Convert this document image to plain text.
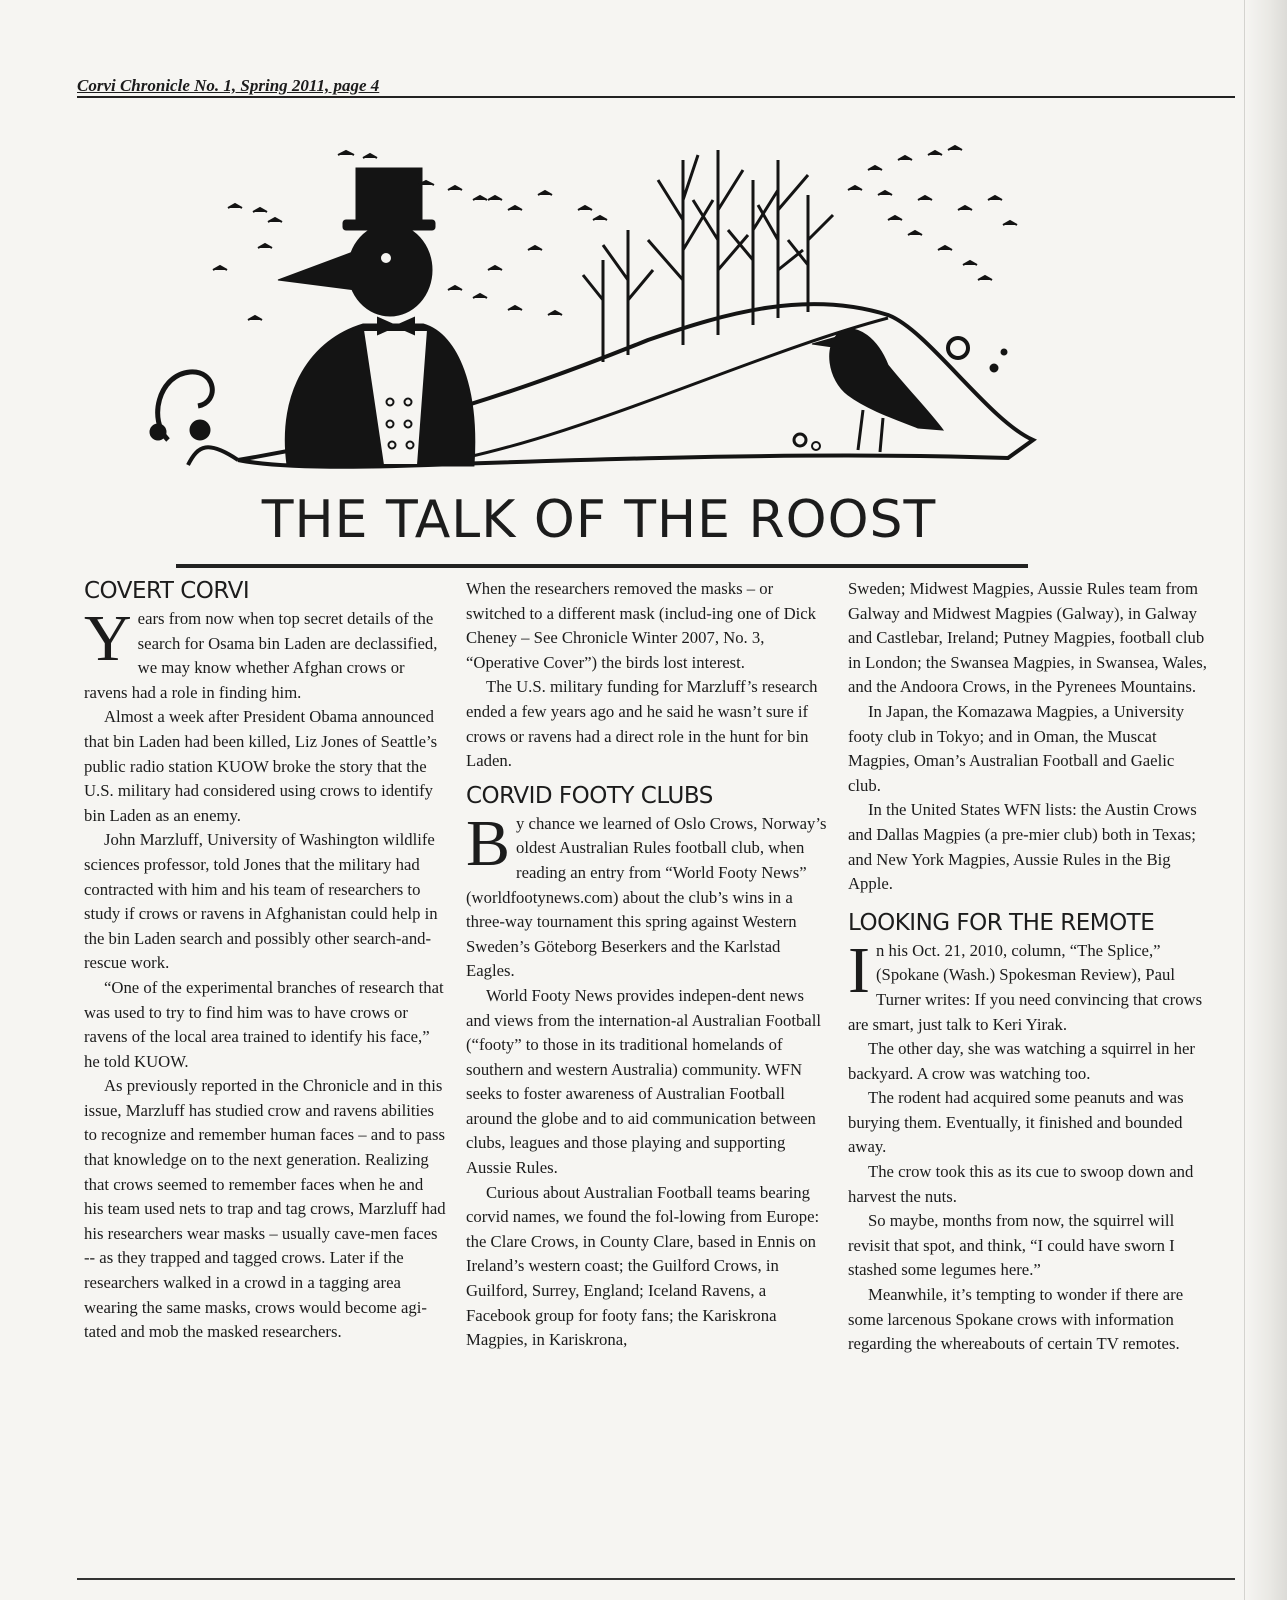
Corvi Chronicle No. 1, Spring 2011, page 4
THE TALK OF THE ROOST
COVERT CORVI

Years from now when top secret details of the search for Osama bin Laden are declassified, we may know whether Afghan crows or ravens had a role in finding him.

Almost a week after President Obama announced that bin Laden had been killed, Liz Jones of Seattle’s public radio station KUOW broke the story that the U.S. military had considered using crows to identify bin Laden as an enemy.

John Marzluff, University of Washington wildlife sciences professor, told Jones that the military had contracted with him and his team of researchers to study if crows or ravens in Afghanistan could help in the bin Laden search and possibly other search-and-rescue work.

“One of the experimental branches of research that was used to try to find him was to have crows or ravens of the local area trained to identify his face,” he told KUOW.

As previously reported in the Chronicle and in this issue, Marzluff has studied crow and ravens abilities to recognize and remember human faces – and to pass that knowledge on to the next generation. Realizing that crows seemed to remember faces when he and his team used nets to trap and tag crows, Marzluff had his researchers wear masks – usually cave-men faces -- as they trapped and tagged crows. Later if the researchers walked in a crowd in a tagging area wearing the same masks, crows would become agi-tated and mob the masked researchers.

When the researchers removed the masks – or switched to a different mask (includ-ing one of Dick Cheney – See Chronicle Winter 2007, No. 3, “Operative Cover”) the birds lost interest.

The U.S. military funding for Marzluff’s research ended a few years ago and he said he wasn’t sure if crows or ravens had a direct role in the hunt for bin Laden.

CORVID FOOTY CLUBS

By chance we learned of Oslo Crows, Norway’s oldest Australian Rules football club, when reading an entry from “World Footy News” (worldfootynews.com) about the club’s wins in a three-way tournament this spring against Western Sweden’s Göteborg Beserkers and the Karlstad Eagles.

World Footy News provides indepen-dent news and views from the internation-al Australian Football (“footy” to those in its traditional homelands of southern and western Australia) community. WFN seeks to foster awareness of Australian Football around the globe and to aid communication between clubs, leagues and those playing and supporting Aussie Rules.

Curious about Australian Football teams bearing corvid names, we found the fol-lowing from Europe: the Clare Crows, in County Clare, based in Ennis on Ireland’s western coast; the Guilford Crows, in Guilford, Surrey, England; Iceland Ravens, a Facebook group for footy fans; the Kariskrona Magpies, in Kariskrona,

Sweden; Midwest Magpies, Aussie Rules team from Galway and Midwest Magpies (Galway), in Galway and Castlebar, Ireland; Putney Magpies, football club in London; the Swansea Magpies, in Swansea, Wales, and the Andoora Crows, in the Pyrenees Mountains.

In Japan, the Komazawa Magpies, a University footy club in Tokyo; and in Oman, the Muscat Magpies, Oman’s Australian Football and Gaelic club.

In the United States WFN lists: the Austin Crows and Dallas Magpies (a pre-mier club) both in Texas; and New York Magpies, Aussie Rules in the Big Apple.

LOOKING FOR THE REMOTE

In his Oct. 21, 2010, column, “The Splice,” (Spokane (Wash.) Spokesman Review), Paul Turner writes: If you need convincing that crows are smart, just talk to Keri Yirak.

The other day, she was watching a squirrel in her backyard. A crow was watching too.

The rodent had acquired some peanuts and was burying them. Eventually, it finished and bounded away.

The crow took this as its cue to swoop down and harvest the nuts.

So maybe, months from now, the squirrel will revisit that spot, and think, “I could have sworn I stashed some legumes here.”

Meanwhile, it’s tempting to wonder if there are some larcenous Spokane crows with information regarding the whereabouts of certain TV remotes.
